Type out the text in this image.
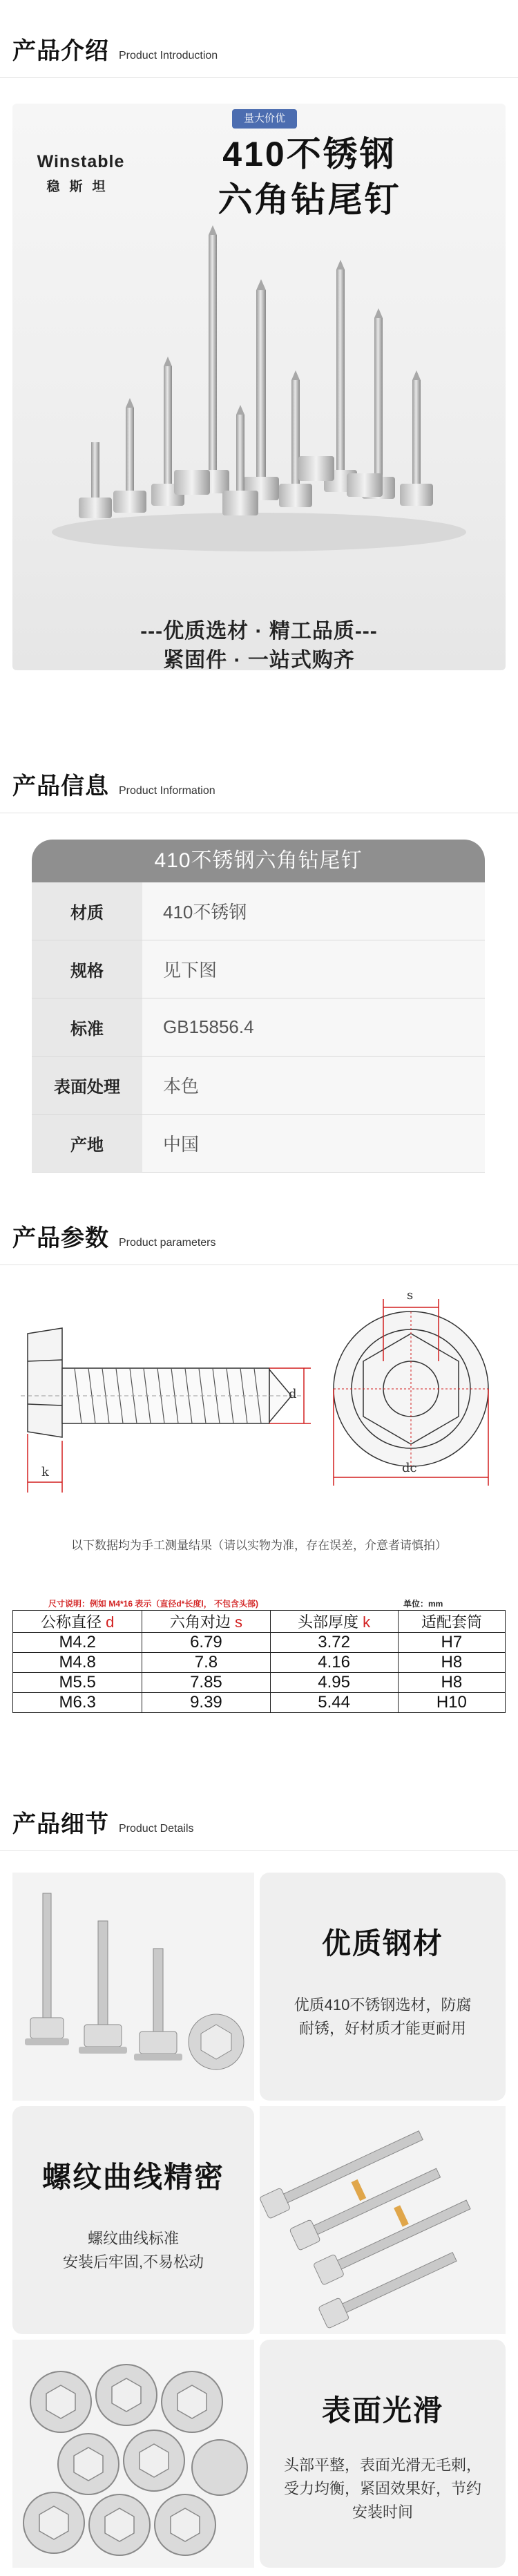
产品介绍 Product Introduction
Winstable
稳斯坦
量大价优
410不锈钢
六角钻尾钉
---优质选材 · 精工品质---
紧固件 · 一站式购齐
产品信息 Product Information
410不锈钢六角钻尾钉
材质	410不锈钢
规格	见下图
标准	GB15856.4
表面处理	本色
产地	中国
产品参数 Product parameters
k
d
s
dc
以下数据均为手工测量结果（请以实物为准，存在误差，介意者请慎拍）
尺寸说明：例如 M4*16 表示（直径d*长度l， 不包含头部)	单位：mm
公称直径 d	六角对边 s	头部厚度 k	适配套筒
M4.2	6.79	3.72	H7
M4.8	7.8	4.16	H8
M5.5	7.85	4.95	H8
M6.3	9.39	5.44	H10
产品细节 Product Details
优质钢材
优质410不锈钢选材，防腐
耐锈，好材质才能更耐用
螺纹曲线精密
螺纹曲线标准
安装后牢固,不易松动
表面光滑
头部平整，表面光滑无毛刺，
受力均衡，紧固效果好，节约
安装时间
